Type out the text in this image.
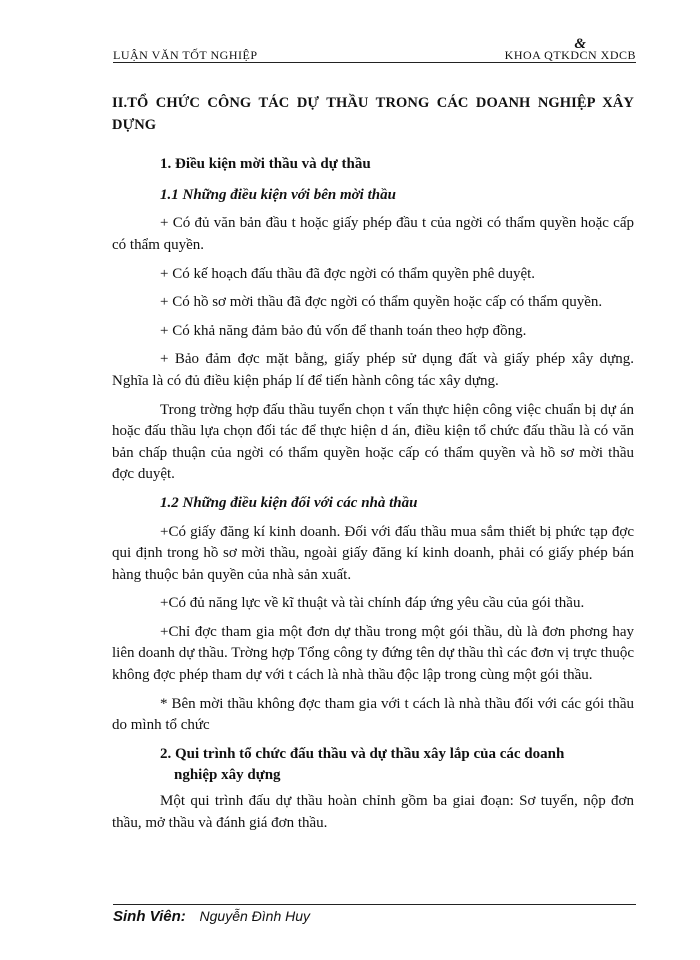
LUẬN VĂN TỐT NGHIỆP
&
KHOA QTKDCN XDCB

II.TỔ CHỨC CÔNG TÁC DỰ THẦU TRONG CÁC DOANH NGHIỆP XÂY DỰNG

1. Điều kiện mời thầu và dự thầu

1.1 Những điều kiện với bên mời thầu

+ Có đủ văn bản đầu t hoặc giấy phép đầu t của ngời có thẩm quyền hoặc cấp có thẩm quyền.

+ Có kế hoạch đấu thầu đã đợc ngời có thẩm quyền phê duyệt.

+ Có hồ sơ mời thầu đã đợc ngời có thẩm quyền hoặc cấp có thẩm quyền.

+ Có khả năng đảm bảo đủ vốn để thanh toán theo hợp đồng.

+ Bảo đảm đợc mặt bằng, giấy phép sử dụng đất và giấy phép xây dựng. Nghĩa là có đủ điều kiện pháp lí để tiến hành công tác xây dựng.

Trong trờng hợp đấu thầu tuyển chọn t vấn thực hiện công việc chuẩn bị dự án hoặc đấu thầu lựa chọn đối tác để thực hiện d án, điều kiện tổ chức đấu thầu là có văn bản chấp thuận của ngời có thẩm quyền hoặc cấp có thẩm quyền và hồ sơ mời thầu đợc duyệt.

1.2 Những điều kiện đối với các nhà thầu

+Có giấy đăng kí kinh doanh. Đối với đấu thầu mua sắm thiết bị phức tạp đợc qui định trong hồ sơ mời thầu, ngoài giấy đăng kí kinh doanh, phải có giấy phép bán hàng thuộc bản quyền của nhà sản xuất.

+Có đủ năng lực về kĩ thuật và tài chính đáp ứng yêu cầu của gói thầu.

+Chỉ đợc tham gia một đơn dự thầu trong một gói thầu, dù là đơn phơng hay liên doanh dự thầu. Trờng hợp Tổng công ty đứng tên dự thầu thì các đơn vị trực thuộc không đợc phép tham dự với t cách là nhà thầu độc lập trong cùng một gói thầu.

* Bên mời thầu không đợc tham gia với t cách là nhà thầu đối với các gói thầu do mình tổ chức

2. Qui trình tổ chức đấu thầu và dự thầu xây lắp của các doanh
nghiệp xây dựng

Một qui trình đấu dự thầu hoàn chỉnh gồm ba giai đoạn: Sơ tuyển, nộp đơn thầu, mở thầu và đánh giá đơn thầu.

Sinh Viên: Nguyễn Đình Huy
